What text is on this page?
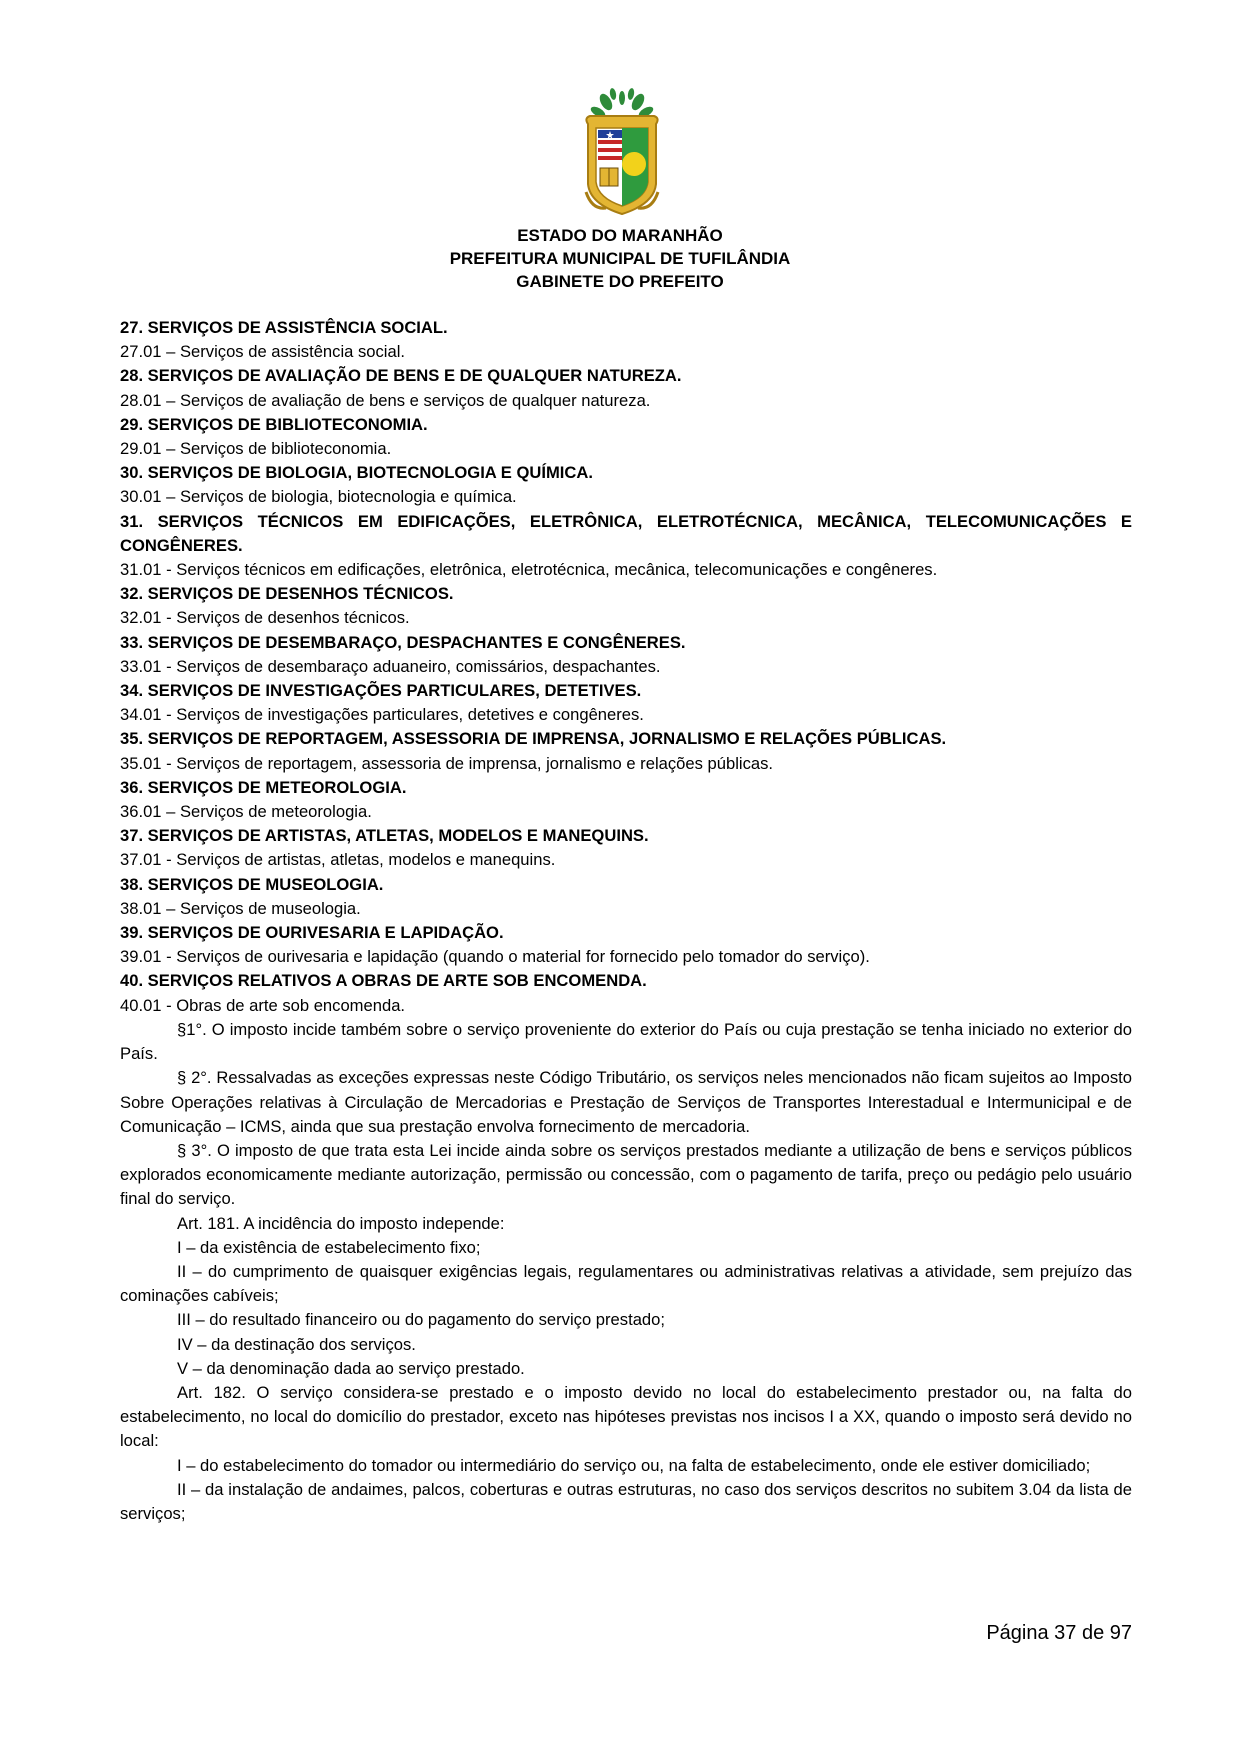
ESTADO DO MARANHÃO
PREFEITURA MUNICIPAL DE TUFILÂNDIA
GABINETE DO PREFEITO

27. SERVIÇOS DE ASSISTÊNCIA SOCIAL.

27.01 – Serviços de assistência social.

28. SERVIÇOS DE AVALIAÇÃO DE BENS E DE QUALQUER NATUREZA.

28.01 – Serviços de avaliação de bens e serviços de qualquer natureza.

29. SERVIÇOS DE BIBLIOTECONOMIA.

29.01 – Serviços de biblioteconomia.

30. SERVIÇOS DE BIOLOGIA, BIOTECNOLOGIA E QUÍMICA.

30.01 – Serviços de biologia, biotecnologia e química.

31. SERVIÇOS TÉCNICOS EM EDIFICAÇÕES, ELETRÔNICA, ELETROTÉCNICA, MECÂNICA, TELECOMUNICAÇÕES E CONGÊNERES.

31.01 - Serviços técnicos em edificações, eletrônica, eletrotécnica, mecânica, telecomunicações e congêneres.

32. SERVIÇOS DE DESENHOS TÉCNICOS.

32.01 - Serviços de desenhos técnicos.

33. SERVIÇOS DE DESEMBARAÇO, DESPACHANTES E CONGÊNERES.

33.01 - Serviços de desembaraço aduaneiro, comissários, despachantes.

34. SERVIÇOS DE INVESTIGAÇÕES PARTICULARES, DETETIVES.

34.01 - Serviços de investigações particulares, detetives e congêneres.

35. SERVIÇOS DE REPORTAGEM, ASSESSORIA DE IMPRENSA, JORNALISMO E RELAÇÕES PÚBLICAS.

35.01 - Serviços de reportagem, assessoria de imprensa, jornalismo e relações públicas.

36. SERVIÇOS DE METEOROLOGIA.

36.01 – Serviços de meteorologia.

37. SERVIÇOS DE ARTISTAS, ATLETAS, MODELOS E MANEQUINS.

37.01 - Serviços de artistas, atletas, modelos e manequins.

38. SERVIÇOS DE MUSEOLOGIA.

38.01 – Serviços de museologia.

39. SERVIÇOS DE OURIVESARIA E LAPIDAÇÃO.

39.01 - Serviços de ourivesaria e lapidação (quando o material for fornecido pelo tomador do serviço).

40. SERVIÇOS RELATIVOS A OBRAS DE ARTE SOB ENCOMENDA.

40.01 - Obras de arte sob encomenda.

§1°. O imposto incide também sobre o serviço proveniente do exterior do País ou cuja prestação se tenha iniciado no exterior do País.

§ 2°. Ressalvadas as exceções expressas neste Código Tributário, os serviços neles mencionados não ficam sujeitos ao Imposto Sobre Operações relativas à Circulação de Mercadorias e Prestação de Serviços de Transportes Interestadual e Intermunicipal e de Comunicação – ICMS, ainda que sua prestação envolva fornecimento de mercadoria.

§ 3°. O imposto de que trata esta Lei incide ainda sobre os serviços prestados mediante a utilização de bens e serviços públicos explorados economicamente mediante autorização, permissão ou concessão, com o pagamento de tarifa, preço ou pedágio pelo usuário final do serviço.

Art. 181. A incidência do imposto independe:

I – da existência de estabelecimento fixo;

II – do cumprimento de quaisquer exigências legais, regulamentares ou administrativas relativas a atividade, sem prejuízo das cominações cabíveis;

III – do resultado financeiro ou do pagamento do serviço prestado;

IV – da destinação dos serviços.

V – da denominação dada ao serviço prestado.

Art. 182. O serviço considera-se prestado e o imposto devido no local do estabelecimento prestador ou, na falta do estabelecimento, no local do domicílio do prestador, exceto nas hipóteses previstas nos incisos I a XX, quando o imposto será devido no local:

I – do estabelecimento do tomador ou intermediário do serviço ou, na falta de estabelecimento, onde ele estiver domiciliado;

II – da instalação de andaimes, palcos, coberturas e outras estruturas, no caso dos serviços descritos no subitem 3.04 da lista de serviços;

Página 37 de 97
